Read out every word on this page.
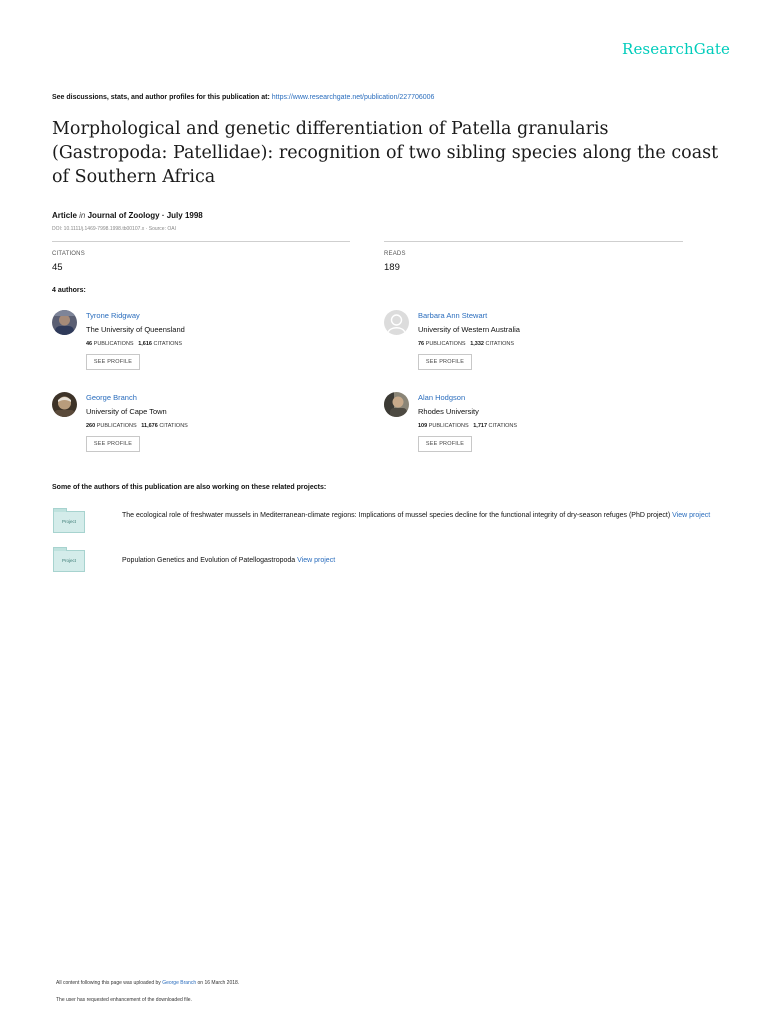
ResearchGate
See discussions, stats, and author profiles for this publication at: https://www.researchgate.net/publication/227706006
Morphological and genetic differentiation of Patella granularis (Gastropoda: Patellidae): recognition of two sibling species along the coast of Southern Africa
Article in Journal of Zoology · July 1998
DOI: 10.1111/j.1469-7998.1998.tb00107.x · Source: OAI
CITATIONS
45
READS
189
4 authors:
Tyrone Ridgway
The University of Queensland
46 PUBLICATIONS 1,616 CITATIONS
SEE PROFILE
Barbara Ann Stewart
University of Western Australia
76 PUBLICATIONS 1,332 CITATIONS
SEE PROFILE
George Branch
University of Cape Town
260 PUBLICATIONS 11,676 CITATIONS
SEE PROFILE
Alan Hodgson
Rhodes University
109 PUBLICATIONS 1,717 CITATIONS
SEE PROFILE
Some of the authors of this publication are also working on these related projects:
Project
The ecological role of freshwater mussels in Mediterranean-climate regions: Implications of mussel species decline for the functional integrity of dry-season refuges (PhD project) View project
Project	Population Genetics and Evolution of Patellogastropoda View project
All content following this page was uploaded by George Branch on 16 March 2018.
The user has requested enhancement of the downloaded file.
